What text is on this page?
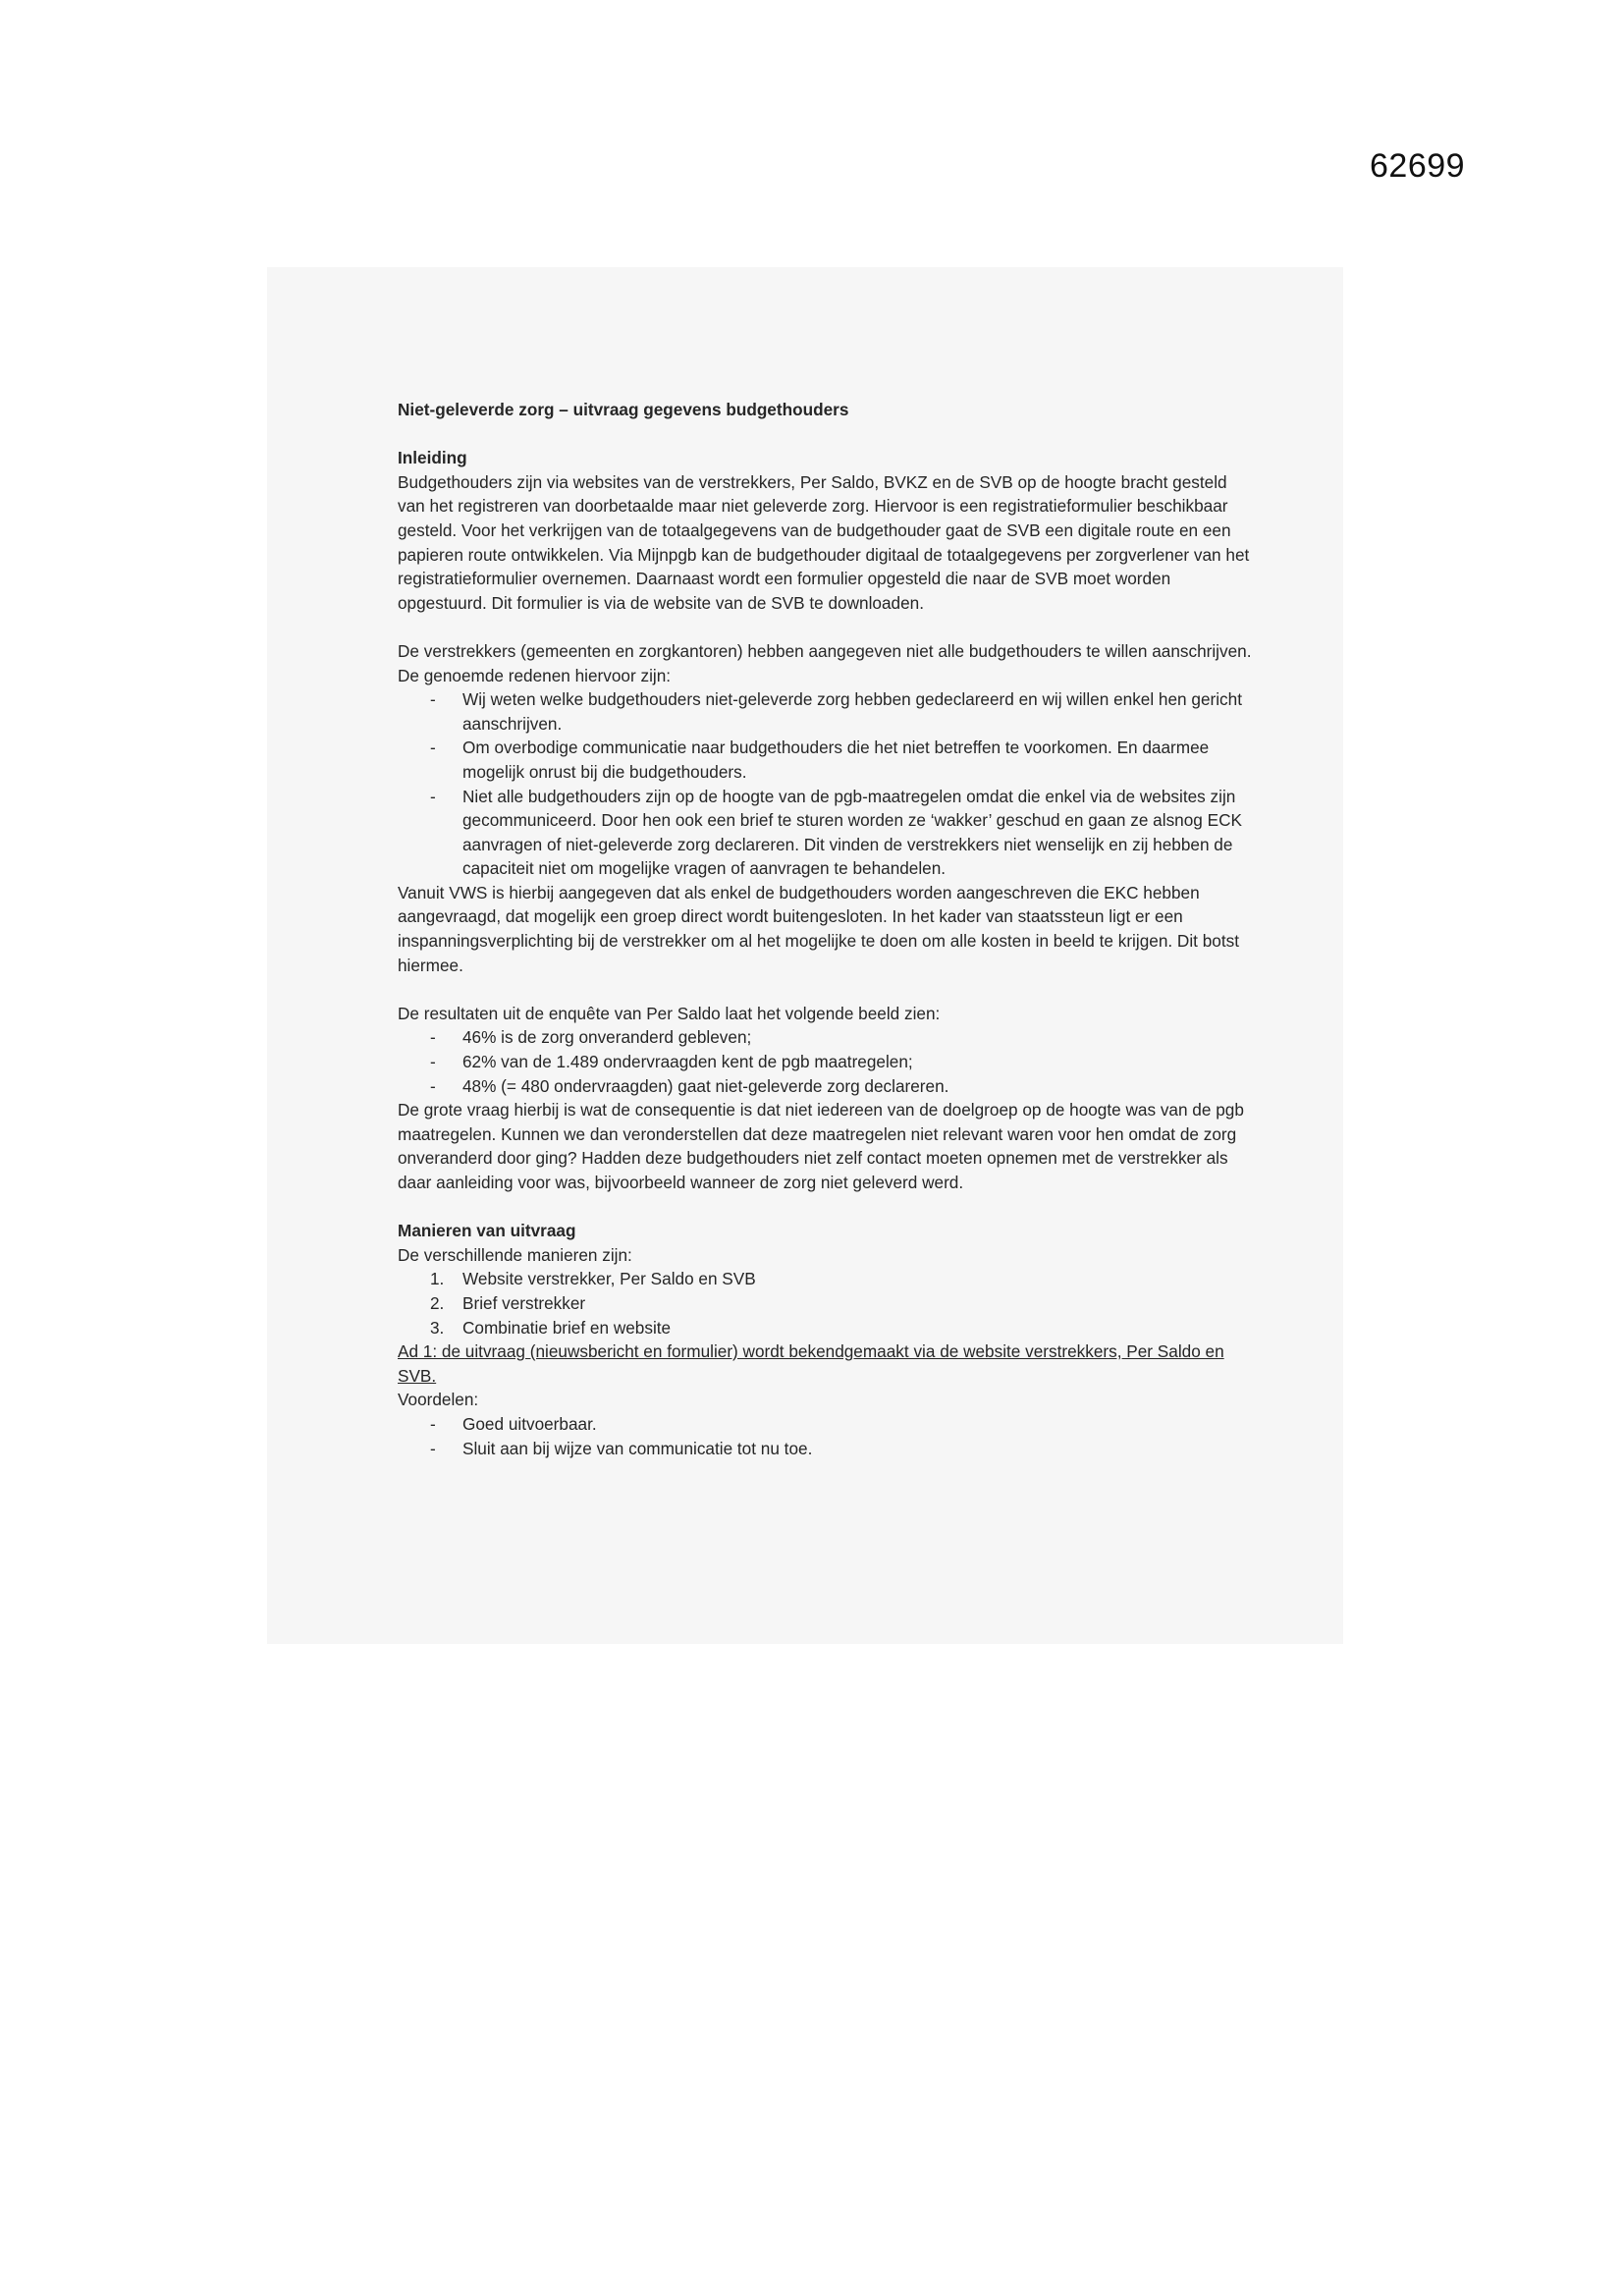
62699
Niet-geleverde zorg – uitvraag gegevens budgethouders
Inleiding

Budgethouders zijn via websites van de verstrekkers, Per Saldo, BVKZ en de SVB op de hoogte bracht gesteld van het registreren van doorbetaalde maar niet geleverde zorg. Hiervoor is een registratieformulier beschikbaar gesteld. Voor het verkrijgen van de totaalgegevens van de budgethouder gaat de SVB een digitale route en een papieren route ontwikkelen. Via Mijnpgb kan de budgethouder digitaal de totaalgegevens per zorgverlener van het registratieformulier overnemen. Daarnaast wordt een formulier opgesteld die naar de SVB moet worden opgestuurd. Dit formulier is via de website van de SVB te downloaden.

De verstrekkers (gemeenten en zorgkantoren) hebben aangegeven niet alle budgethouders te willen aanschrijven. De genoemde redenen hiervoor zijn:
- Wij weten welke budgethouders niet-geleverde zorg hebben gedeclareerd en wij willen enkel hen gericht aanschrijven.
- Om overbodige communicatie naar budgethouders die het niet betreffen te voorkomen. En daarmee mogelijk onrust bij die budgethouders.
- Niet alle budgethouders zijn op de hoogte van de pgb-maatregelen omdat die enkel via de websites zijn gecommuniceerd. Door hen ook een brief te sturen worden ze ‘wakker’ geschud en gaan ze alsnog ECK aanvragen of niet-geleverde zorg declareren. Dit vinden de verstrekkers niet wenselijk en zij hebben de capaciteit niet om mogelijke vragen of aanvragen te behandelen.

Vanuit VWS is hierbij aangegeven dat als enkel de budgethouders worden aangeschreven die EKC hebben aangevraagd, dat mogelijk een groep direct wordt buitengesloten. In het kader van staatssteun ligt er een inspanningsverplichting bij de verstrekker om al het mogelijke te doen om alle kosten in beeld te krijgen. Dit botst hiermee.

De resultaten uit de enquête van Per Saldo laat het volgende beeld zien:
- 46% is de zorg onveranderd gebleven;
- 62% van de 1.489 ondervraagden kent de pgb maatregelen;
- 48% (= 480 ondervraagden) gaat niet-geleverde zorg declareren.

De grote vraag hierbij is wat de consequentie is dat niet iedereen van de doelgroep op de hoogte was van de pgb maatregelen. Kunnen we dan veronderstellen dat deze maatregelen niet relevant waren voor hen omdat de zorg onveranderd door ging? Hadden deze budgethouders niet zelf contact moeten opnemen met de verstrekker als daar aanleiding voor was, bijvoorbeeld wanneer de zorg niet geleverd werd.

Manieren van uitvraag
De verschillende manieren zijn:
1. Website verstrekker, Per Saldo en SVB
2. Brief verstrekker
3. Combinatie brief en website
Ad 1: de uitvraag (nieuwsbericht en formulier) wordt bekendgemaakt via de website verstrekkers, Per Saldo en SVB.
Voordelen:
- Goed uitvoerbaar.
- Sluit aan bij wijze van communicatie tot nu toe.
